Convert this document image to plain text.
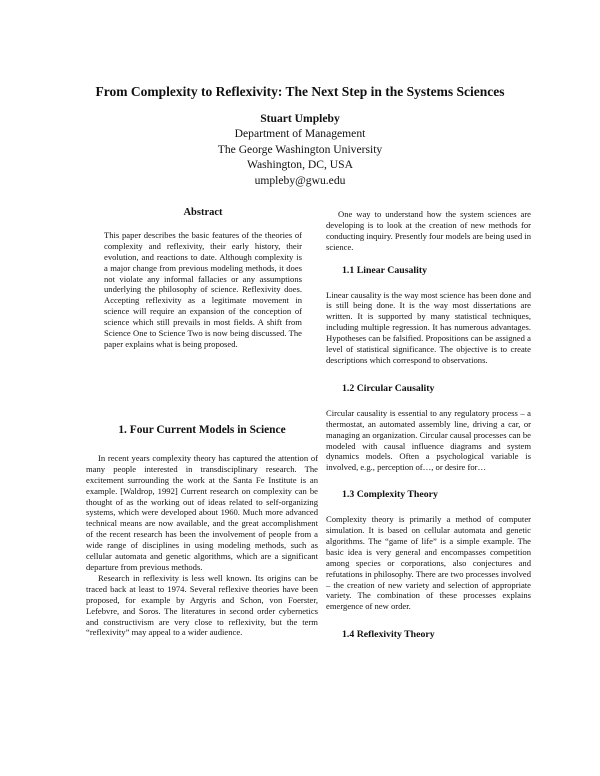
From Complexity to Reflexivity: The Next Step in the Systems Sciences
Stuart Umpleby
Department of Management
The George Washington University
Washington, DC, USA
umpleby@gwu.edu
Abstract

This paper describes the basic features of the theories of complexity and reflexivity, their early history, their evolution, and reactions to date. Although complexity is a major change from previous modeling methods, it does not violate any informal fallacies or any assumptions underlying the philosophy of science. Reflexivity does. Accepting reflexivity as a legitimate movement in science will require an expansion of the conception of science which still prevails in most fields. A shift from Science One to Science Two is now being discussed. The paper explains what is being proposed.

1. Four Current Models in Science

In recent years complexity theory has captured the attention of many people interested in transdisciplinary research. The excitement surrounding the work at the Santa Fe Institute is an example. [Waldrop, 1992] Current research on complexity can be thought of as the working out of ideas related to self-organizing systems, which were developed about 1960. Much more advanced technical means are now available, and the great accomplishment of the recent research has been the involvement of people from a wide range of disciplines in using modeling methods, such as cellular automata and genetic algorithms, which are a significant departure from previous methods.

Research in reflexivity is less well known. Its origins can be traced back at least to 1974. Several reflexive theories have been proposed, for example by Argyris and Schon, von Foerster, Lefebvre, and Soros. The literatures in second order cybernetics and constructivism are very close to reflexivity, but the term “reflexivity” may appeal to a wider audience.

One way to understand how the system sciences are developing is to look at the creation of new methods for conducting inquiry. Presently four models are being used in science.

1.1 Linear Causality

Linear causality is the way most science has been done and is still being done. It is the way most dissertations are written. It is supported by many statistical techniques, including multiple regression. It has numerous advantages. Hypotheses can be falsified. Propositions can be assigned a level of statistical significance. The objective is to create descriptions which correspond to observations.

1.2 Circular Causality

Circular causality is essential to any regulatory process – a thermostat, an automated assembly line, driving a car, or managing an organization. Circular causal processes can be modeled with causal influence diagrams and system dynamics models. Often a psychological variable is involved, e.g., perception of…, or desire for…

1.3 Complexity Theory

Complexity theory is primarily a method of computer simulation. It is based on cellular automata and genetic algorithms. The “game of life” is a simple example. The basic idea is very general and encompasses competition among species or corporations, also conjectures and refutations in philosophy. There are two processes involved – the creation of new variety and selection of appropriate variety. The combination of these processes explains emergence of new order.

1.4 Reflexivity Theory
